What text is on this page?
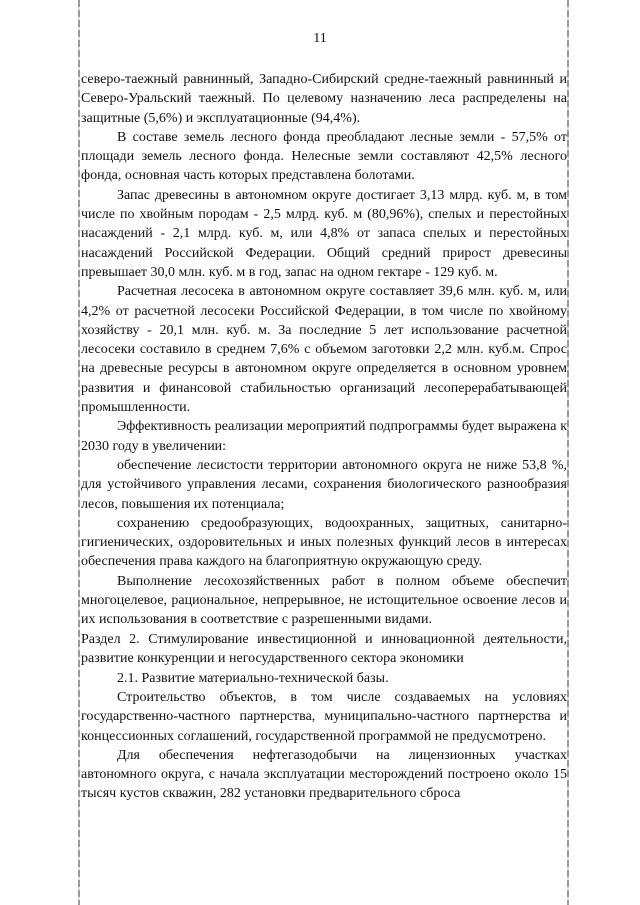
11

северо-таежный равнинный, Западно-Сибирский средне-таежный равнинный и Северо-Уральский таежный. По целевому назначению леса распределены на защитные (5,6%) и эксплуатационные (94,4%).

В составе земель лесного фонда преобладают лесные земли - 57,5% от площади земель лесного фонда. Нелесные земли составляют 42,5% лесного фонда, основная часть которых представлена болотами.

Запас древесины в автономном округе достигает 3,13 млрд. куб. м, в том числе по хвойным породам - 2,5 млрд. куб. м (80,96%), спелых и перестойных насаждений - 2,1 млрд. куб. м, или 4,8% от запаса спелых и перестойных насаждений Российской Федерации. Общий средний прирост древесины превышает 30,0 млн. куб. м в год, запас на одном гектаре - 129 куб. м.

Расчетная лесосека в автономном округе составляет 39,6 млн. куб. м, или 4,2% от расчетной лесосеки Российской Федерации, в том числе по хвойному хозяйству - 20,1 млн. куб. м. За последние 5 лет использование расчетной лесосеки составило в среднем 7,6% с объемом заготовки 2,2 млн. куб.м. Спрос на древесные ресурсы в автономном округе определяется в основном уровнем развития и финансовой стабильностью организаций лесоперерабатывающей промышленности.

Эффективность реализации мероприятий подпрограммы будет выражена к 2030 году в увеличении:

обеспечение лесистости территории автономного округа не ниже 53,8 %, для устойчивого управления лесами, сохранения биологического разнообразия лесов, повышения их потенциала;

сохранению средообразующих, водоохранных, защитных, санитарно-гигиенических, оздоровительных и иных полезных функций лесов в интересах обеспечения права каждого на благоприятную окружающую среду.

Выполнение лесохозяйственных работ в полном объеме обеспечит многоцелевое, рациональное, непрерывное, не истощительное освоение лесов и их использования в соответствие с разрешенными видами.

Раздел 2. Стимулирование инвестиционной и инновационной деятельности, развитие конкуренции и негосударственного сектора экономики

2.1. Развитие материально-технической базы.

Строительство объектов, в том числе создаваемых на условиях государственно-частного партнерства, муниципально-частного партнерства и концессионных соглашений, государственной программой не предусмотрено.

Для обеспечения нефтегазодобычи на лицензионных участках автономного округа, с начала эксплуатации месторождений построено около 15 тысяч кустов скважин, 282 установки предварительного сброса
